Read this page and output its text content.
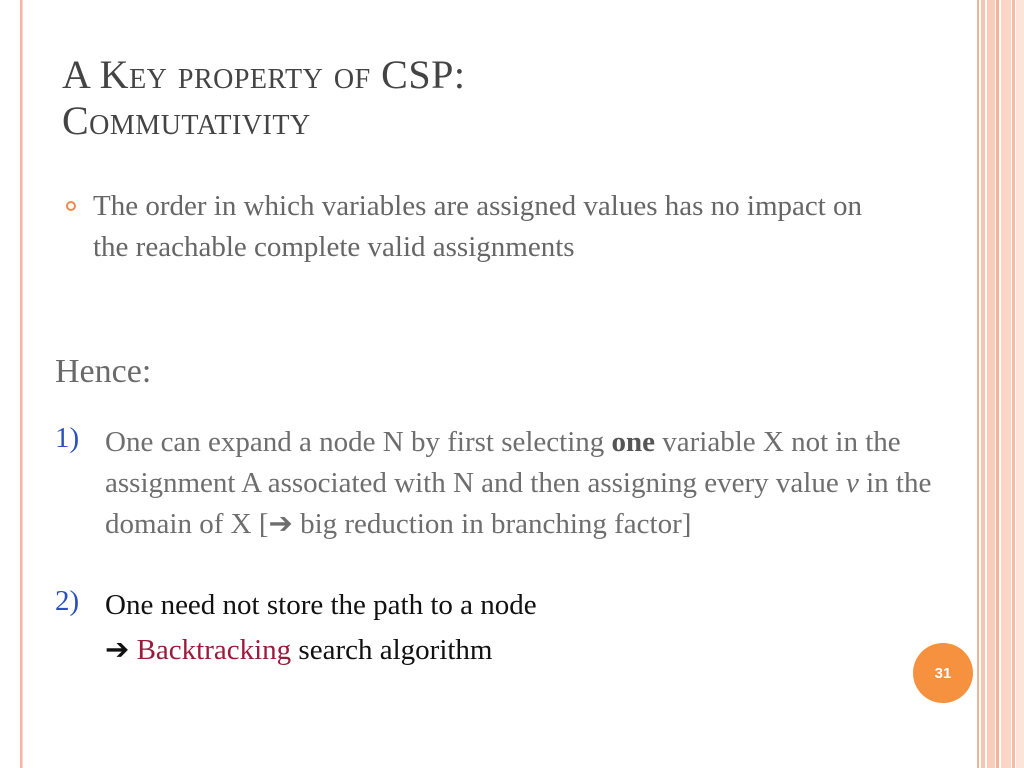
A Key property of CSP:
Commutativity
The order in which variables are assigned values has no impact on the reachable complete valid assignments
Hence:
1) One can expand a node N by first selecting one variable X not in the assignment A associated with N and then assigning every value v in the domain of X [➔ big reduction in branching factor]
2) One need not store the path to a node
➔ Backtracking search algorithm
31
